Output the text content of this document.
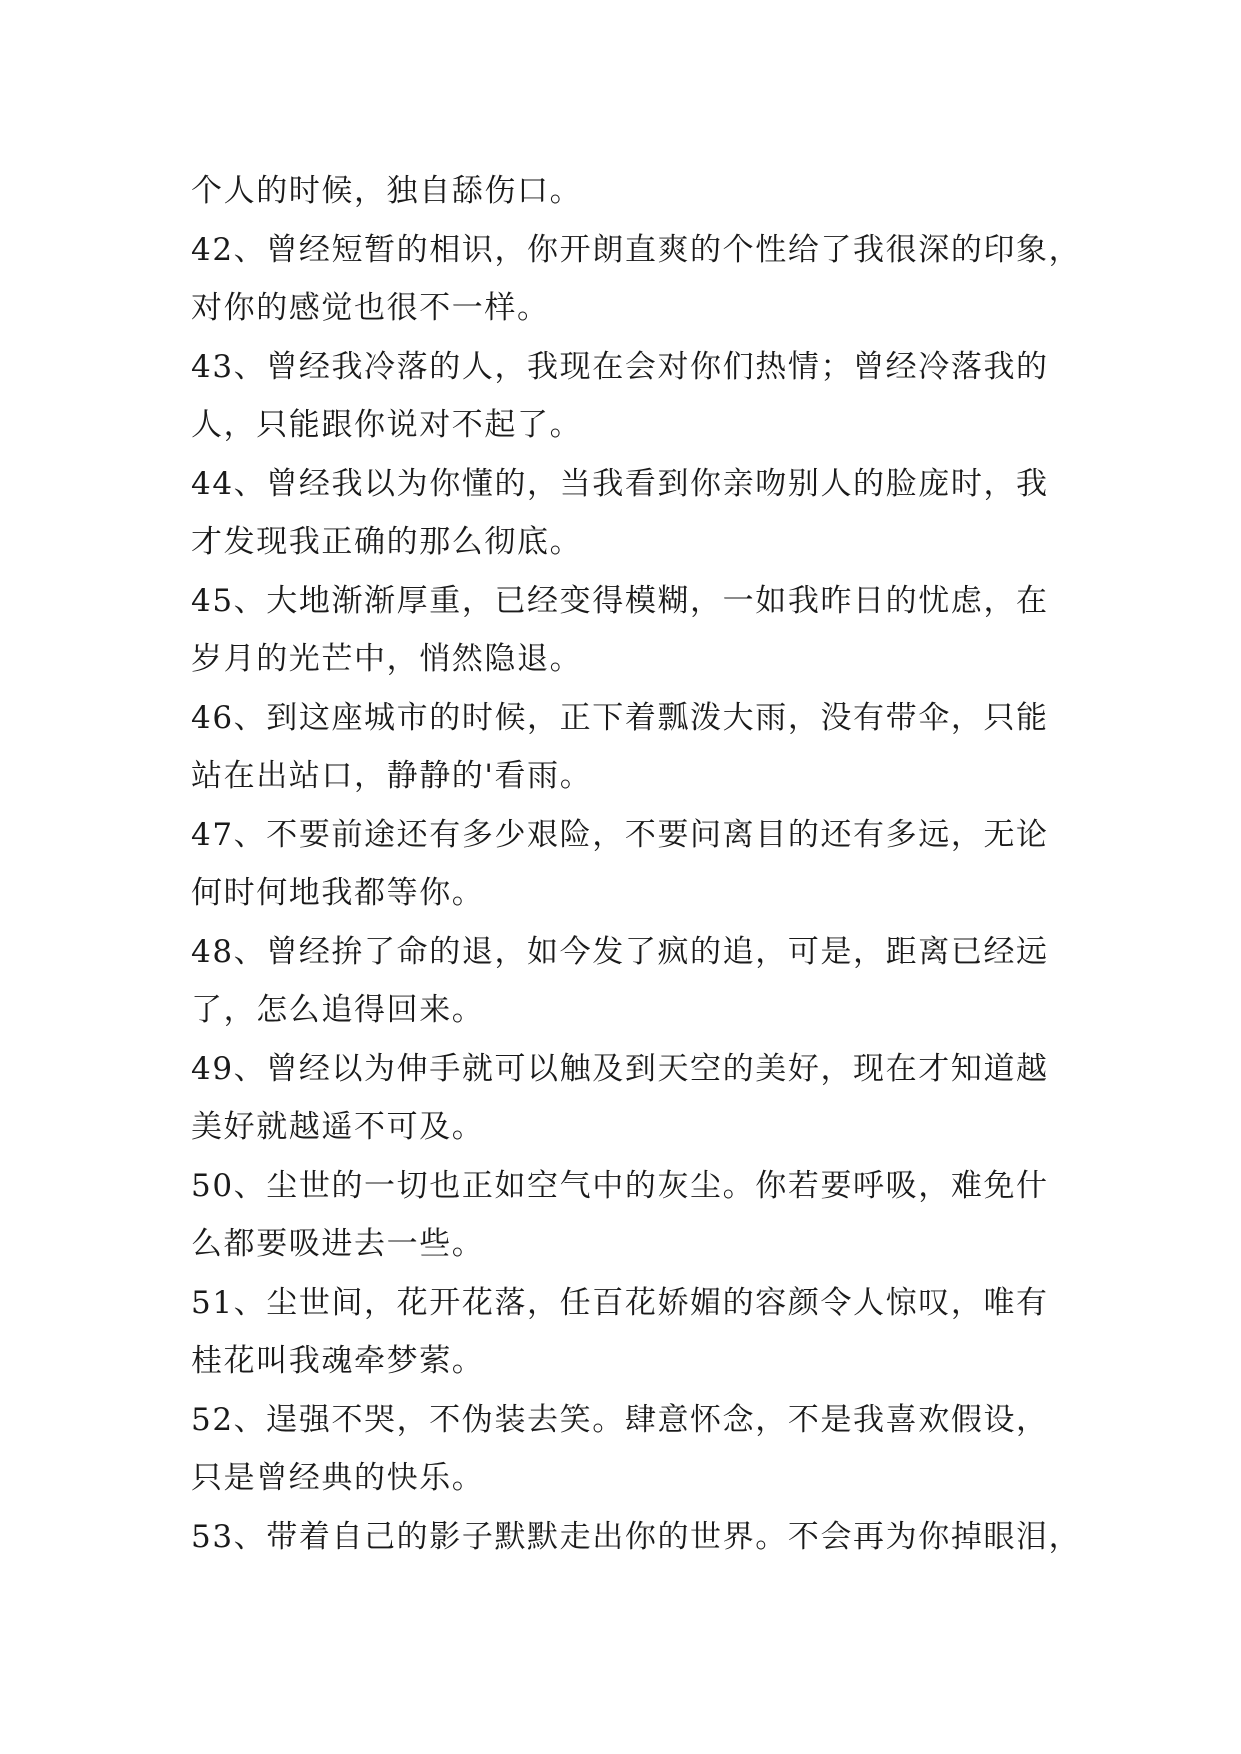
个人的时候，独自舔伤口。
42、曾经短暂的相识，你开朗直爽的个性给了我很深的印象，
对你的感觉也很不一样。
43、曾经我冷落的人，我现在会对你们热情；曾经冷落我的
人，只能跟你说对不起了。
44、曾经我以为你懂的，当我看到你亲吻别人的脸庞时，我
才发现我正确的那么彻底。
45、大地渐渐厚重，已经变得模糊，一如我昨日的忧虑，在
岁月的光芒中，悄然隐退。
46、到这座城市的时候，正下着瓢泼大雨，没有带伞，只能
站在出站口，静静的'看雨。
47、不要前途还有多少艰险，不要问离目的还有多远，无论
何时何地我都等你。
48、曾经拚了命的退，如今发了疯的追，可是，距离已经远
了，怎么追得回来。
49、曾经以为伸手就可以触及到天空的美好，现在才知道越
美好就越遥不可及。
50、尘世的一切也正如空气中的灰尘。你若要呼吸，难免什
么都要吸进去一些。
51、尘世间，花开花落，任百花娇媚的容颜令人惊叹，唯有
桂花叫我魂牵梦萦。
52、逞强不哭，不伪装去笑。肆意怀念，不是我喜欢假设，
只是曾经典的快乐。
53、带着自己的影子默默走出你的世界。不会再为你掉眼泪，
